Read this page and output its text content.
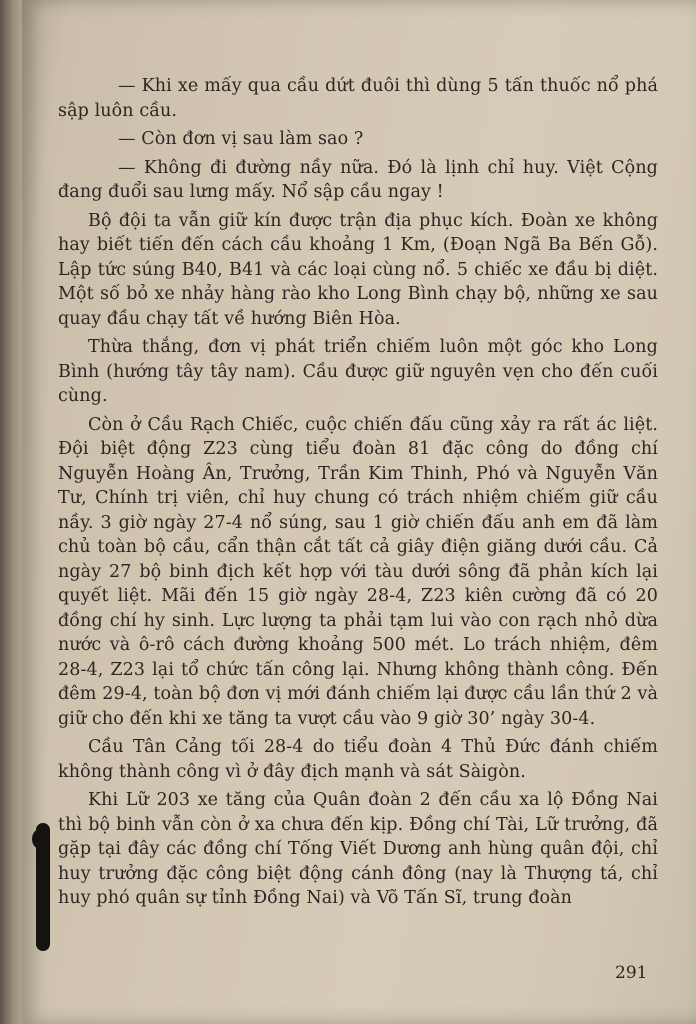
— Khi xe mấy qua cầu dứt đuôi thì dùng 5 tấn thuốc nổ phá sập luôn cầu.

— Còn đơn vị sau làm sao ?

— Không đi đường nầy nữa. Đó là lịnh chỉ huy. Việt Cộng đang đuổi sau lưng mấy. Nổ sập cầu ngay !

Bộ đội ta vẫn giữ kín được trận địa phục kích. Đoàn xe không hay biết tiến đến cách cầu khoảng 1 Km, (Đoạn Ngã Ba Bến Gỗ). Lập tức súng B40, B41 và các loại cùng nổ. 5 chiếc xe đầu bị diệt. Một số bỏ xe nhảy hàng rào kho Long Bình chạy bộ, những xe sau quay đầu chạy tất về hướng Biên Hòa.

Thừa thắng, đơn vị phát triển chiếm luôn một góc kho Long Bình (hướng tây tây nam). Cầu được giữ nguyên vẹn cho đến cuối cùng.

Còn ở Cầu Rạch Chiếc, cuộc chiến đấu cũng xảy ra rất ác liệt. Đội biệt động Z23 cùng tiểu đoàn 81 đặc công do đồng chí Nguyễn Hoàng Ân, Trưởng, Trần Kim Thinh, Phó và Nguyễn Văn Tư, Chính trị viên, chỉ huy chung có trách nhiệm chiếm giữ cầu nầy. 3 giờ ngày 27-4 nổ súng, sau 1 giờ chiến đấu anh em đã làm chủ toàn bộ cầu, cẩn thận cắt tất cả giây điện giăng dưới cầu. Cả ngày 27 bộ binh địch kết hợp với tàu dưới sông đã phản kích lại quyết liệt. Mãi đến 15 giờ ngày 28-4, Z23 kiên cường đã có 20 đồng chí hy sinh. Lực lượng ta phải tạm lui vào con rạch nhỏ dừa nước và ô-rô cách đường khoảng 500 mét. Lo trách nhiệm, đêm 28-4, Z23 lại tổ chức tấn công lại. Nhưng không thành công. Đến đêm 29-4, toàn bộ đơn vị mới đánh chiếm lại được cầu lần thứ 2 và giữ cho đến khi xe tăng ta vượt cầu vào 9 giờ 30’ ngày 30-4.

Cầu Tân Cảng tối 28-4 do tiểu đoàn 4 Thủ Đức đánh chiếm không thành công vì ở đây địch mạnh và sát Sàigòn.

Khi Lữ 203 xe tăng của Quân đoàn 2 đến cầu xa lộ Đồng Nai thì bộ binh vẫn còn ở xa chưa đến kịp. Đồng chí Tài, Lữ trưởng, đã gặp tại đây các đồng chí Tống Viết Dương anh hùng quân đội, chỉ huy trưởng đặc công biệt động cánh đông (nay là Thượng tá, chỉ huy phó quân sự tỉnh Đồng Nai) và Võ Tấn Sĩ, trung đoàn

291
